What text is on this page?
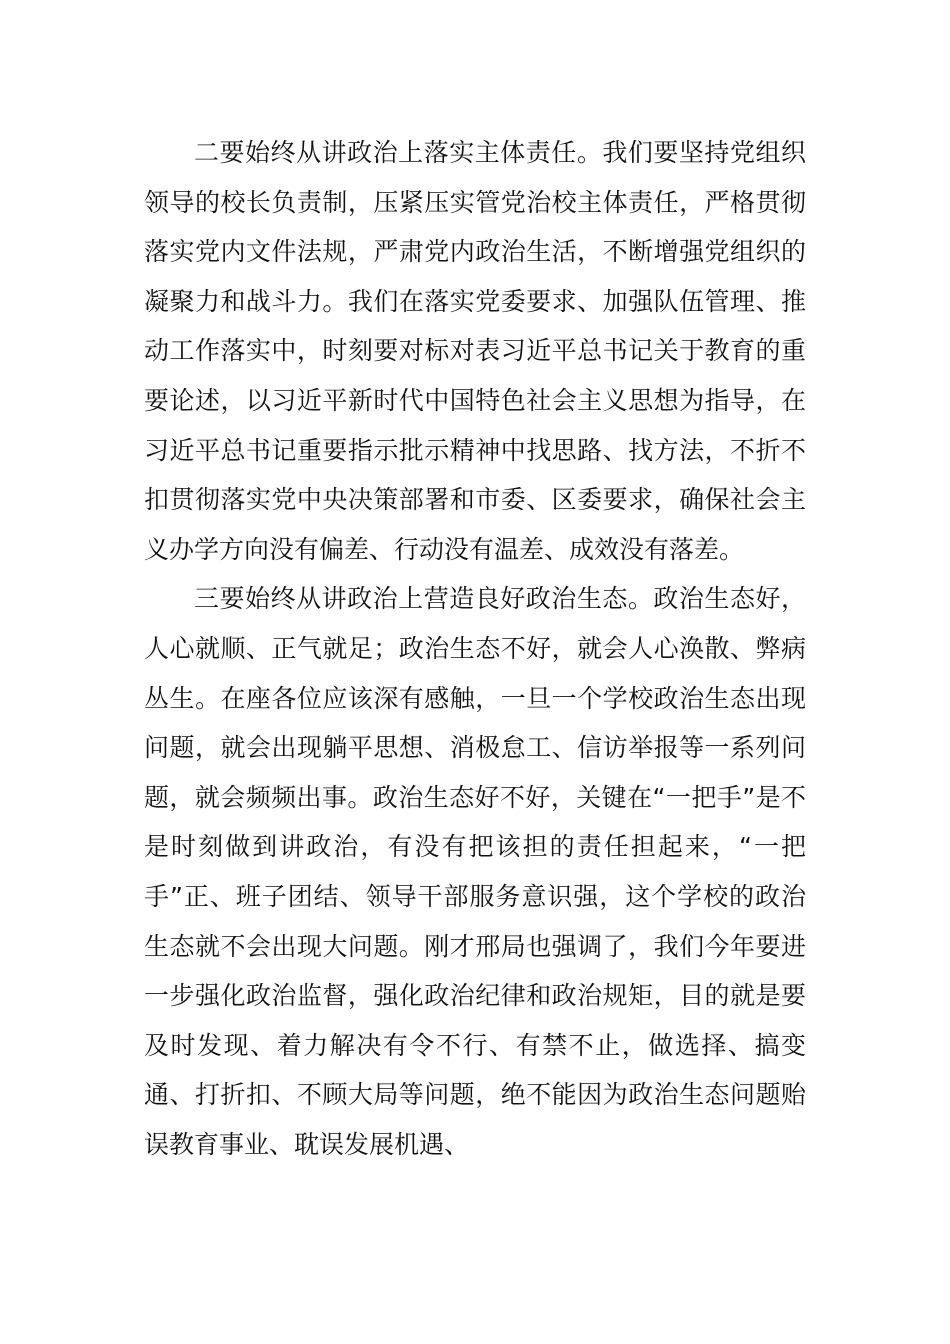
二要始终从讲政治上落实主体责任。我们要坚持党组织领导的校长负责制，压紧压实管党治校主体责任，严格贯彻落实党内文件法规，严肃党内政治生活，不断增强党组织的凝聚力和战斗力。我们在落实党委要求、加强队伍管理、推动工作落实中，时刻要对标对表习近平总书记关于教育的重要论述，以习近平新时代中国特色社会主义思想为指导，在习近平总书记重要指示批示精神中找思路、找方法，不折不扣贯彻落实党中央决策部署和市委、区委要求，确保社会主义办学方向没有偏差、行动没有温差、成效没有落差。

三要始终从讲政治上营造良好政治生态。政治生态好，人心就顺、正气就足；政治生态不好，就会人心涣散、弊病丛生。在座各位应该深有感触，一旦一个学校政治生态出现问题，就会出现躺平思想、消极怠工、信访举报等一系列问题，就会频频出事。政治生态好不好，关键在“一把手”是不是时刻做到讲政治，有没有把该担的责任担起来，“一把手”正、班子团结、领导干部服务意识强，这个学校的政治生态就不会出现大问题。刚才邢局也强调了，我们今年要进一步强化政治监督，强化政治纪律和政治规矩，目的就是要及时发现、着力解决有令不行、有禁不止，做选择、搞变通、打折扣、不顾大局等问题，绝不能因为政治生态问题贻误教育事业、耽误发展机遇、
